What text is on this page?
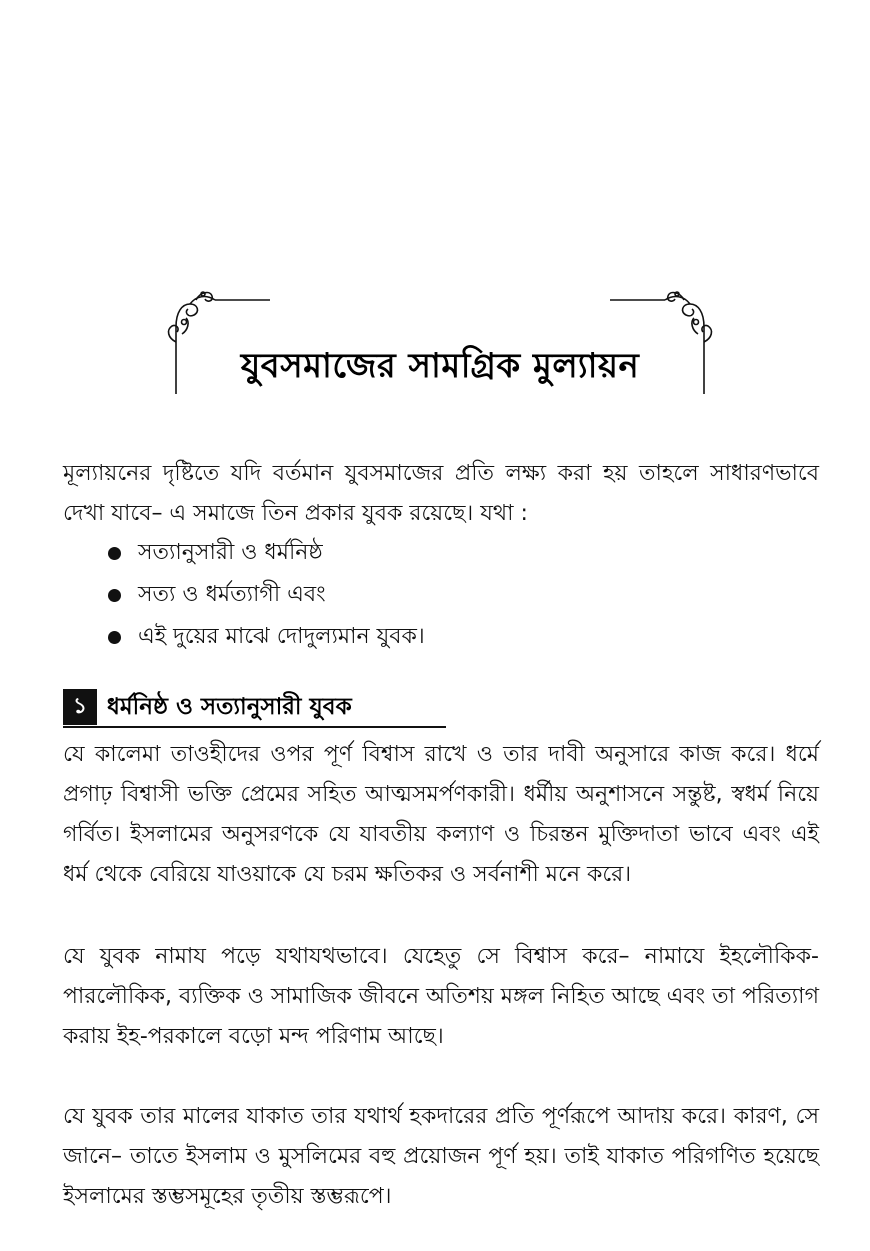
যুবসমাজের সামগ্রিক মুল্যায়ন
মূল্যায়নের দৃষ্টিতে যদি বর্তমান যুবসমাজের প্রতি লক্ষ্য করা হয় তাহলে সাধারণভাবে দেখা যাবে– এ সমাজে তিন প্রকার যুবক রয়েছে। যথা :
সত্যানুসারী ও ধর্মনিষ্ঠ
সত্য ও ধর্মত্যাগী এবং
এই দুয়ের মাঝে দোদুল্যমান যুবক।
১ ধর্মনিষ্ঠ ও সত্যানুসারী যুবক
যে কালেমা তাওহীদের ওপর পূর্ণ বিশ্বাস রাখে ও তার দাবী অনুসারে কাজ করে। ধর্মে প্রগাঢ় বিশ্বাসী ভক্তি প্রেমের সহিত আত্মসমর্পণকারী। ধর্মীয় অনুশাসনে সন্তুষ্ট, স্বধর্ম নিয়ে গর্বিত। ইসলামের অনুসরণকে যে যাবতীয় কল্যাণ ও চিরন্তন মুক্তিদাতা ভাবে এবং এই ধর্ম থেকে বেরিয়ে যাওয়াকে যে চরম ক্ষতিকর ও সর্বনাশী মনে করে।
যে যুবক নামায পড়ে যথাযথভাবে। যেহেতু সে বিশ্বাস করে– নামাযে ইহলৌকিক-পারলৌকিক, ব্যক্তিক ও সামাজিক জীবনে অতিশয় মঙ্গল নিহিত আছে এবং তা পরিত্যাগ করায় ইহ-পরকালে বড়ো মন্দ পরিণাম আছে।
যে যুবক তার মালের যাকাত তার যথার্থ হকদারের প্রতি পূর্ণরূপে আদায় করে। কারণ, সে জানে– তাতে ইসলাম ও মুসলিমের বহু প্রয়োজন পূর্ণ হয়। তাই যাকাত পরিগণিত হয়েছে ইসলামের স্তম্ভসমূহের তৃতীয় স্তম্ভরূপে।
